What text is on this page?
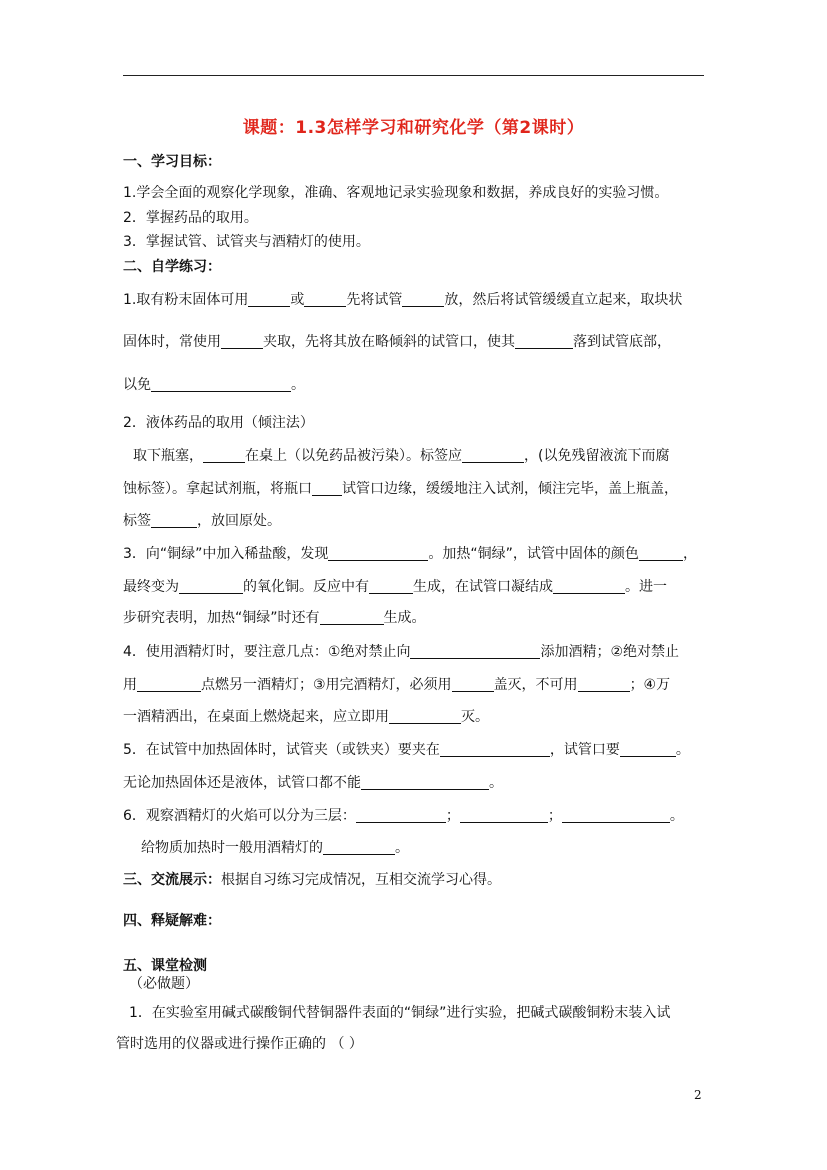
课题：1.3怎样学习和研究化学（第2课时）
一、学习目标：
1.学会全面的观察化学现象，准确、客观地记录实验现象和数据，养成良好的实验习惯。
2．掌握药品的取用。
3．掌握试管、试管夹与酒精灯的使用。
二、自学练习：
1.取有粉末固体可用	或	先将试管	放，然后将试管缓缓直立起来，取块状
固体时，常使用	夹取，先将其放在略倾斜的试管口，使其	落到试管底部，
以免	。
2．液体药品的取用（倾注法）
取下瓶塞，	在桌上（以免药品被污染）。标签应	，(以免残留液流下而腐
蚀标签）。拿起试剂瓶，将瓶口 试管口边缘，缓缓地注入试剂，倾注完毕，盖上瓶盖，
标签	，放回原处。
3．向“铜绿”中加入稀盐酸，发现	。加热“铜绿”，试管中固体的颜色	，
最终变为	的氧化铜。反应中有	生成，在试管口凝结成	。进一
步研究表明，加热“铜绿”时还有	生成。
4．使用酒精灯时，要注意几点：①绝对禁止向	添加酒精；②绝对禁止
用	点燃另一酒精灯；③用完酒精灯，必须用	盖灭，不可用	；④万
一酒精洒出，在桌面上燃烧起来，应立即用	灭。
5．在试管中加热固体时，试管夹（或铁夹）要夹在	，试管口要	。
无论加热固体还是液体，试管口都不能	。
6．观察酒精灯的火焰可以分为三层：	；	；	。
给物质加热时一般用酒精灯的	。
三、交流展示：根据自习练习完成情况，互相交流学习心得。
四、释疑解难：
五、课堂检测
（必做题）
1．在实验室用碱式碳酸铜代替铜器件表面的“铜绿”进行实验，把碱式碳酸铜粉末装入试
管时选用的仪器或进行操作正确的 （ ）
2
